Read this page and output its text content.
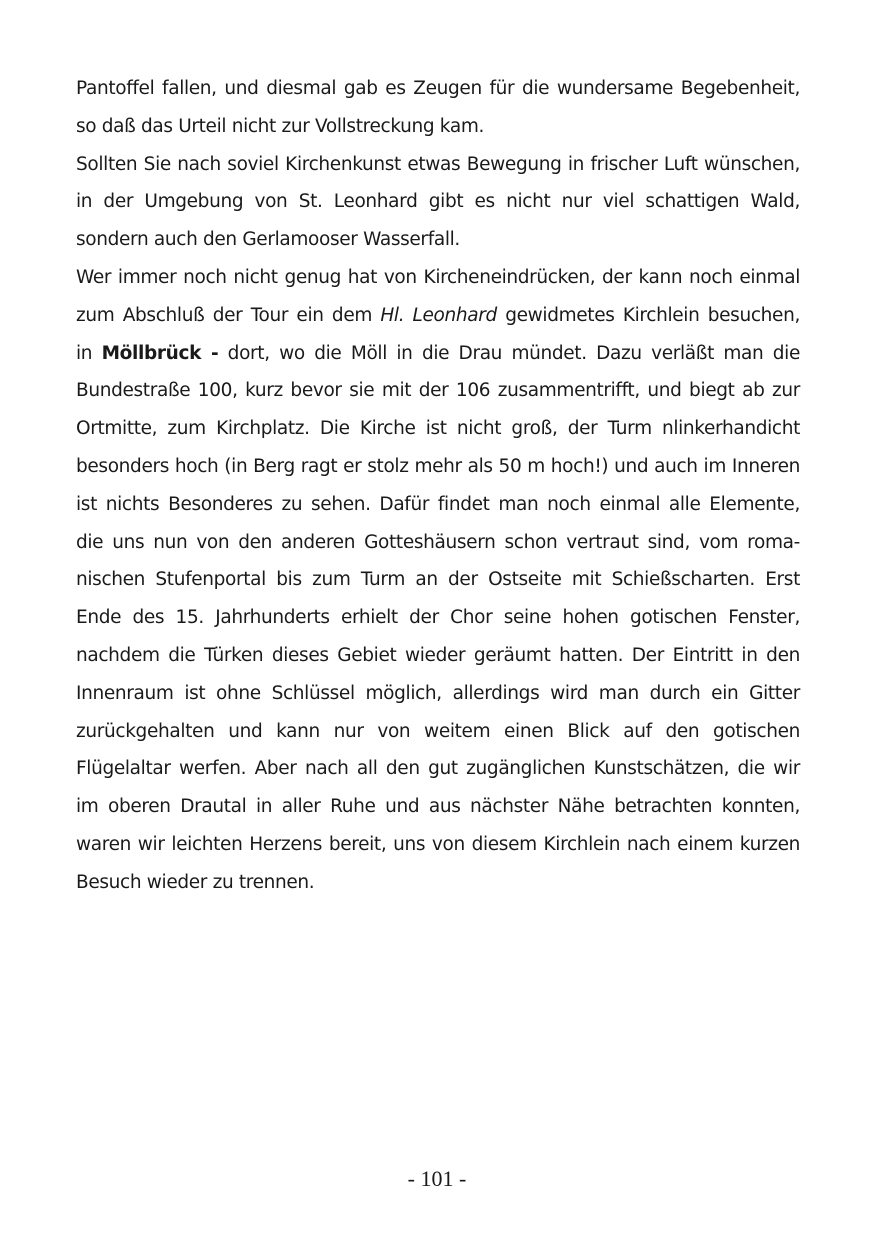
Pantoffel fallen, und diesmal gab es Zeugen für die wundersame Begebenheit,
so daß das Urteil nicht zur Vollstreckung kam.

Sollten Sie nach soviel Kirchenkunst etwas Bewegung in frischer Luft wünschen,
in der Umgebung von St. Leonhard gibt es nicht nur viel schattigen Wald,
sondern auch den Gerlamooser Wasserfall.

Wer immer noch nicht genug hat von Kircheneindrücken, der kann noch einmal
zum Abschluß der Tour ein dem Hl. Leonhard gewidmetes Kirchlein besuchen,
in Möllbrück - dort, wo die Möll in die Drau mündet. Dazu verläßt man die
Bundestraße 100, kurz bevor sie mit der 106 zusammentrifft, und biegt ab zur
Ortmitte, zum Kirchplatz. Die Kirche ist nicht groß, der Turm nlinkerhandicht
besonders hoch (in Berg ragt er stolz mehr als 50 m hoch!) und auch im Inneren
ist nichts Besonderes zu sehen. Dafür findet man noch einmal alle Elemente,
die uns nun von den anderen Gotteshäusern schon vertraut sind, vom roma-
nischen Stufenportal bis zum Turm an der Ostseite mit Schießscharten. Erst
Ende des 15. Jahrhunderts erhielt der Chor seine hohen gotischen Fenster,
nachdem die Türken dieses Gebiet wieder geräumt hatten. Der Eintritt in den
Innenraum ist ohne Schlüssel möglich, allerdings wird man durch ein Gitter
zurückgehalten und kann nur von weitem einen Blick auf den gotischen
Flügelaltar werfen. Aber nach all den gut zugänglichen Kunstschätzen, die wir
im oberen Drautal in aller Ruhe und aus nächster Nähe betrachten konnten,
waren wir leichten Herzens bereit, uns von diesem Kirchlein nach einem kurzen
Besuch wieder zu trennen.

- 101 -
